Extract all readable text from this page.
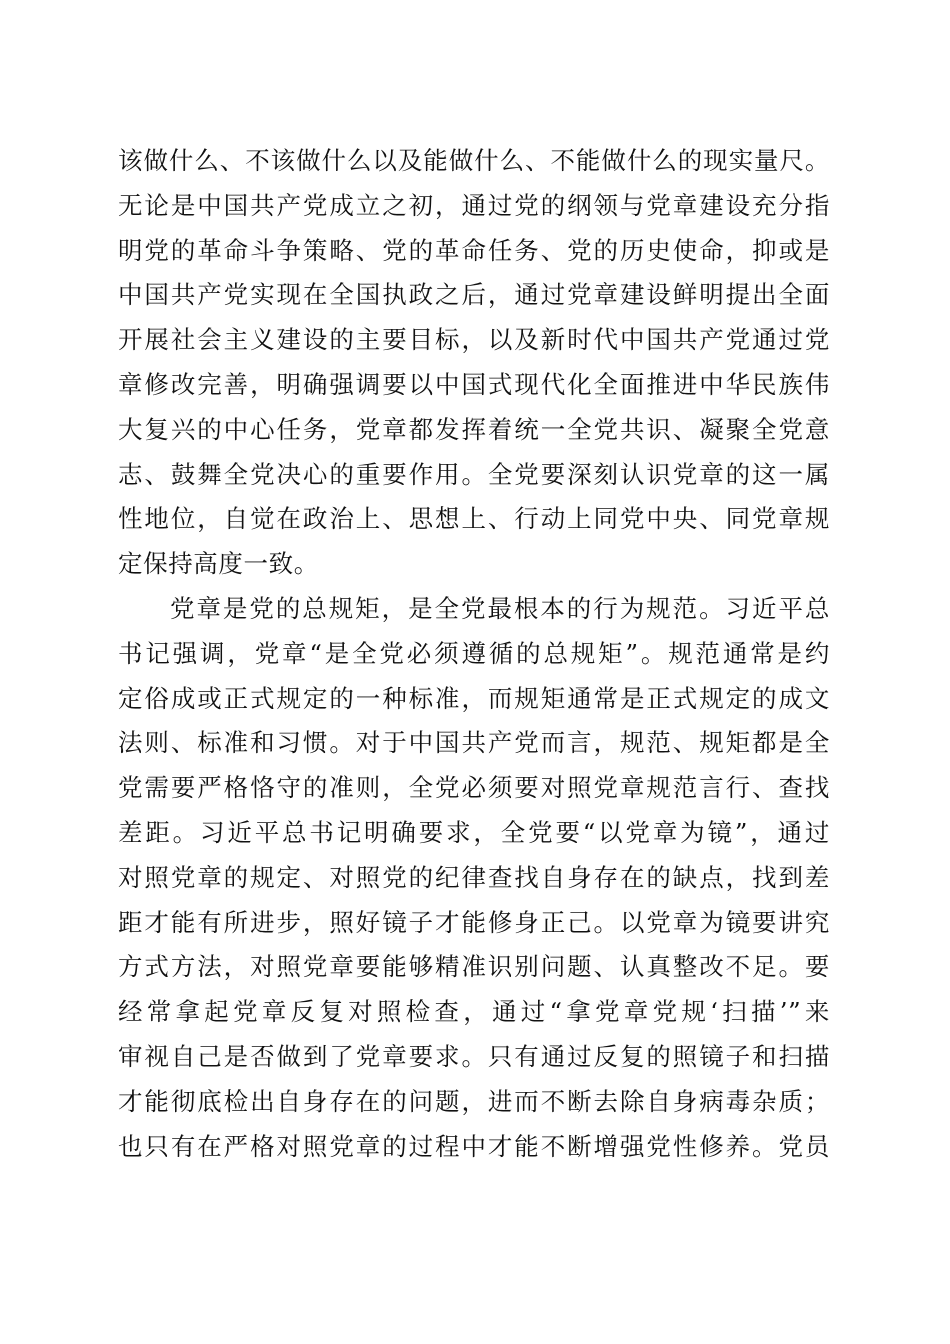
该做什么、不该做什么以及能做什么、不能做什么的现实量尺。
无论是中国共产党成立之初，通过党的纲领与党章建设充分指
明党的革命斗争策略、党的革命任务、党的历史使命，抑或是
中国共产党实现在全国执政之后，通过党章建设鲜明提出全面
开展社会主义建设的主要目标，以及新时代中国共产党通过党
章修改完善，明确强调要以中国式现代化全面推进中华民族伟
大复兴的中心任务，党章都发挥着统一全党共识、凝聚全党意
志、鼓舞全党决心的重要作用。全党要深刻认识党章的这一属
性地位，自觉在政治上、思想上、行动上同党中央、同党章规
定保持高度一致。
党章是党的总规矩，是全党最根本的行为规范。习近平总
书记强调，党章“是全党必须遵循的总规矩”。规范通常是约
定俗成或正式规定的一种标准，而规矩通常是正式规定的成文
法则、标准和习惯。对于中国共产党而言，规范、规矩都是全
党需要严格恪守的准则，全党必须要对照党章规范言行、查找
差距。习近平总书记明确要求，全党要“以党章为镜”，通过
对照党章的规定、对照党的纪律查找自身存在的缺点，找到差
距才能有所进步，照好镜子才能修身正己。以党章为镜要讲究
方式方法，对照党章要能够精准识别问题、认真整改不足。要
经常拿起党章反复对照检查，通过“拿党章党规‘扫描’”来
审视自己是否做到了党章要求。只有通过反复的照镜子和扫描
才能彻底检出自身存在的问题，进而不断去除自身病毒杂质；
也只有在严格对照党章的过程中才能不断增强党性修养。党员
